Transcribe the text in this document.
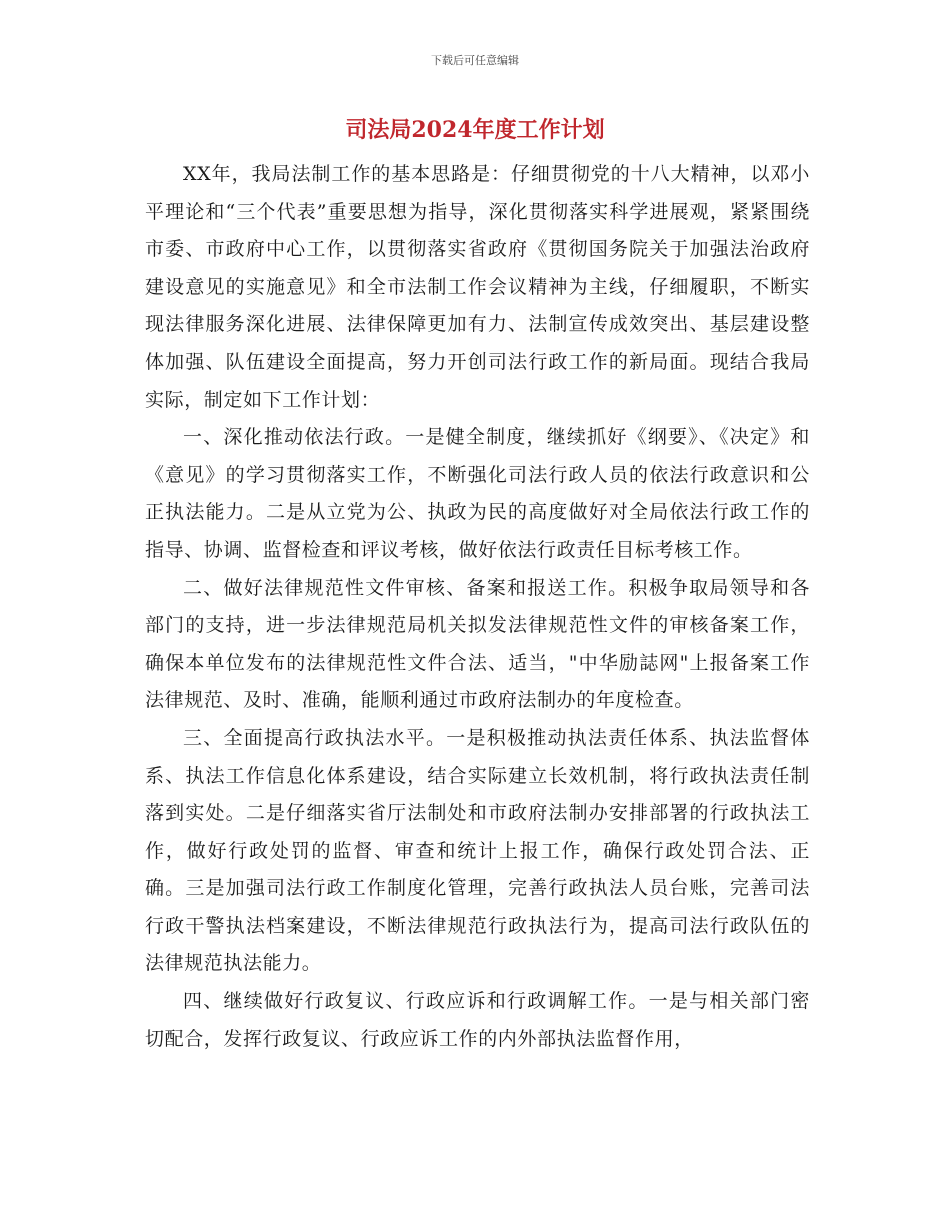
下载后可任意编辑
司法局2024年度工作计划

XX年，我局法制工作的基本思路是：仔细贯彻党的十八大精神，以邓小平理论和“三个代表”重要思想为指导，深化贯彻落实科学进展观，紧紧围绕市委、市政府中心工作，以贯彻落实省政府《贯彻国务院关于加强法治政府建设意见的实施意见》和全市法制工作会议精神为主线，仔细履职，不断实现法律服务深化进展、法律保障更加有力、法制宣传成效突出、基层建设整体加强、队伍建设全面提高，努力开创司法行政工作的新局面。现结合我局实际，制定如下工作计划：

一、深化推动依法行政。一是健全制度，继续抓好《纲要》、《决定》和《意见》的学习贯彻落实工作，不断强化司法行政人员的依法行政意识和公正执法能力。二是从立党为公、执政为民的高度做好对全局依法行政工作的指导、协调、监督检查和评议考核，做好依法行政责任目标考核工作。

二、做好法律规范性文件审核、备案和报送工作。积极争取局领导和各部门的支持，进一步法律规范局机关拟发法律规范性文件的审核备案工作，确保本单位发布的法律规范性文件合法、适当，"中华励誌网"上报备案工作法律规范、及时、准确，能顺利通过市政府法制办的年度检查。

三、全面提高行政执法水平。一是积极推动执法责任体系、执法监督体系、执法工作信息化体系建设，结合实际建立长效机制，将行政执法责任制落到实处。二是仔细落实省厅法制处和市政府法制办安排部署的行政执法工作，做好行政处罚的监督、审查和统计上报工作，确保行政处罚合法、正确。三是加强司法行政工作制度化管理，完善行政执法人员台账，完善司法行政干警执法档案建设，不断法律规范行政执法行为，提高司法行政队伍的法律规范执法能力。

四、继续做好行政复议、行政应诉和行政调解工作。一是与相关部门密切配合，发挥行政复议、行政应诉工作的内外部执法监督作用，
